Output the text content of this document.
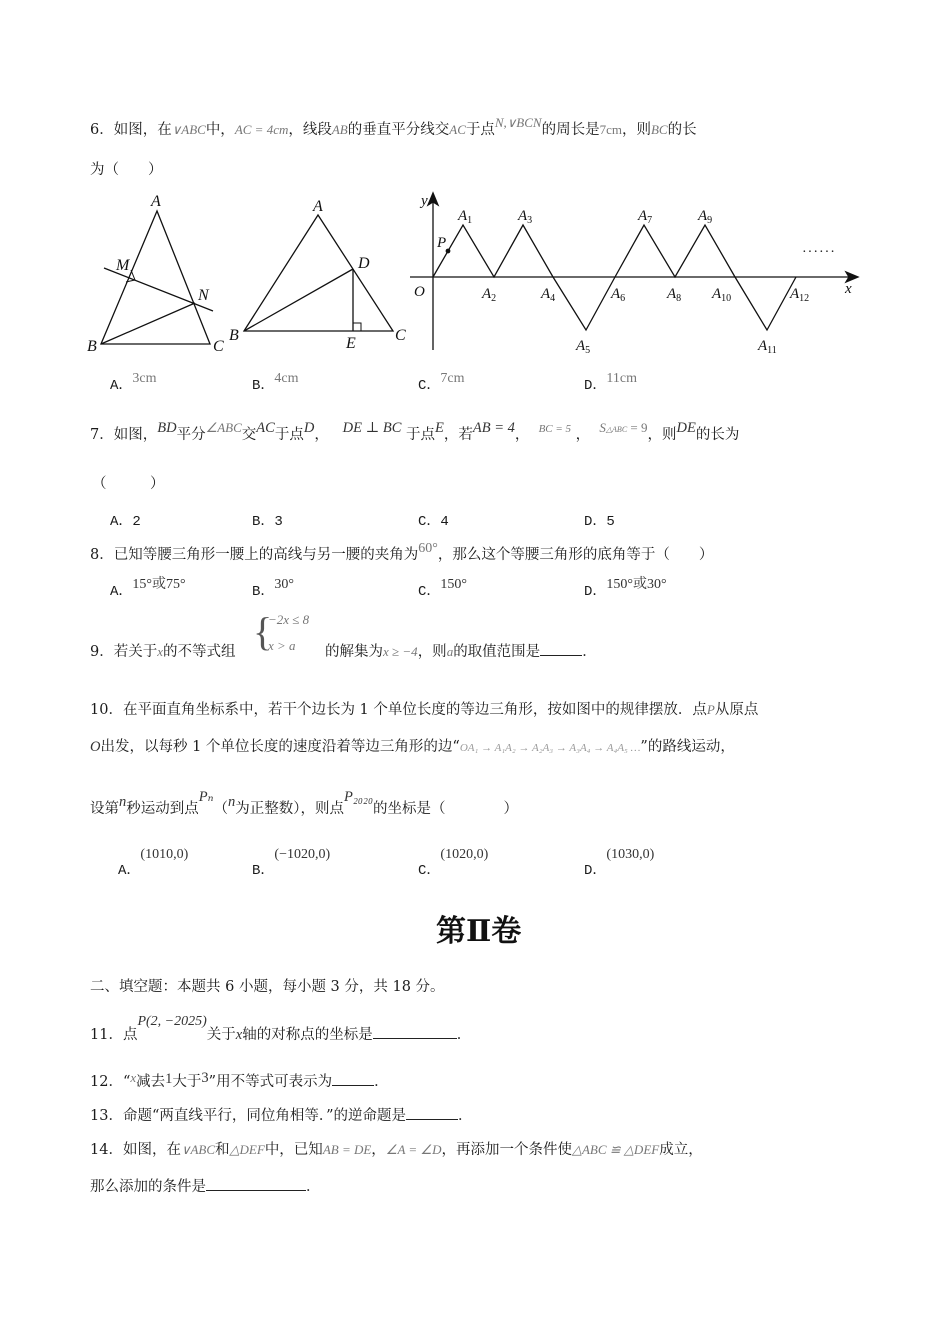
6．如图，在∨ABC中，AC = 4cm，线段AB的垂直平分线交AC于点N,∨BCN的周长是7cm，则BC的长
为（　　）
A
B	C
M
N
A
B	C
D
E
y
x
O
P
······
$A_1$
$A_2$
$A_3$
$A_4$
$A_5$
$A_6$
$A_7$
$A_8$
$A_9$
$A_{10}$
$A_{11}$
$A_{12}$
A．3cm	B．4cm	C．7cm	D．11cm
7．如图，BD平分∠ABC交AC于点D， DE ⊥ BC 于点E，若AB = 4， $^{BC = 5}$ ， S△ABC = 9，则DE的长为
（　　　）
A．2	B．3	C．4	D．5
8．已知等腰三角形一腰上的高线与另一腰的夹角为60°，那么这个等腰三角形的底角等于（　　）
A．15°或75°	B．30°	C．150°	D．150°或30°
9．若关于x的不等式组 {
−2x ≤ 8
x > a 的解集为x ≥ −4，则a的取值范围是	．
10．在平面直角坐标系中，若干个边长为 1 个单位长度的等边三角形，按如图中的规律摆放．点P从原点
O出发，以每秒 1 个单位长度的速度沿着等边三角形的边“OA₁ → A₁A₂ → A₂A₃ → A₃A₄ → A₄A₅ …”的路线运动，
设第n秒运动到点Pₙ（n为正整数），则点P₂₀₂₀的坐标是（　　　　）
A．(1010,0)
B．(−1020,0)
C．(1020,0)
D．(1030,0)
第Ⅱ卷
二、填空题：本题共 6 小题，每小题 3 分，共 18 分。
11．点P(2, −2025)关于x轴的对称点的坐标是	．
12．“x减去1大于3”用不等式可表示为	．
13．命题“两直线平行，同位角相等．”的逆命题是	．
14．如图，在∨ABC和△DEF中，已知AB = DE，∠A = ∠D，再添加一个条件使△ABC ≌ △DEF成立，
那么添加的条件是	．
